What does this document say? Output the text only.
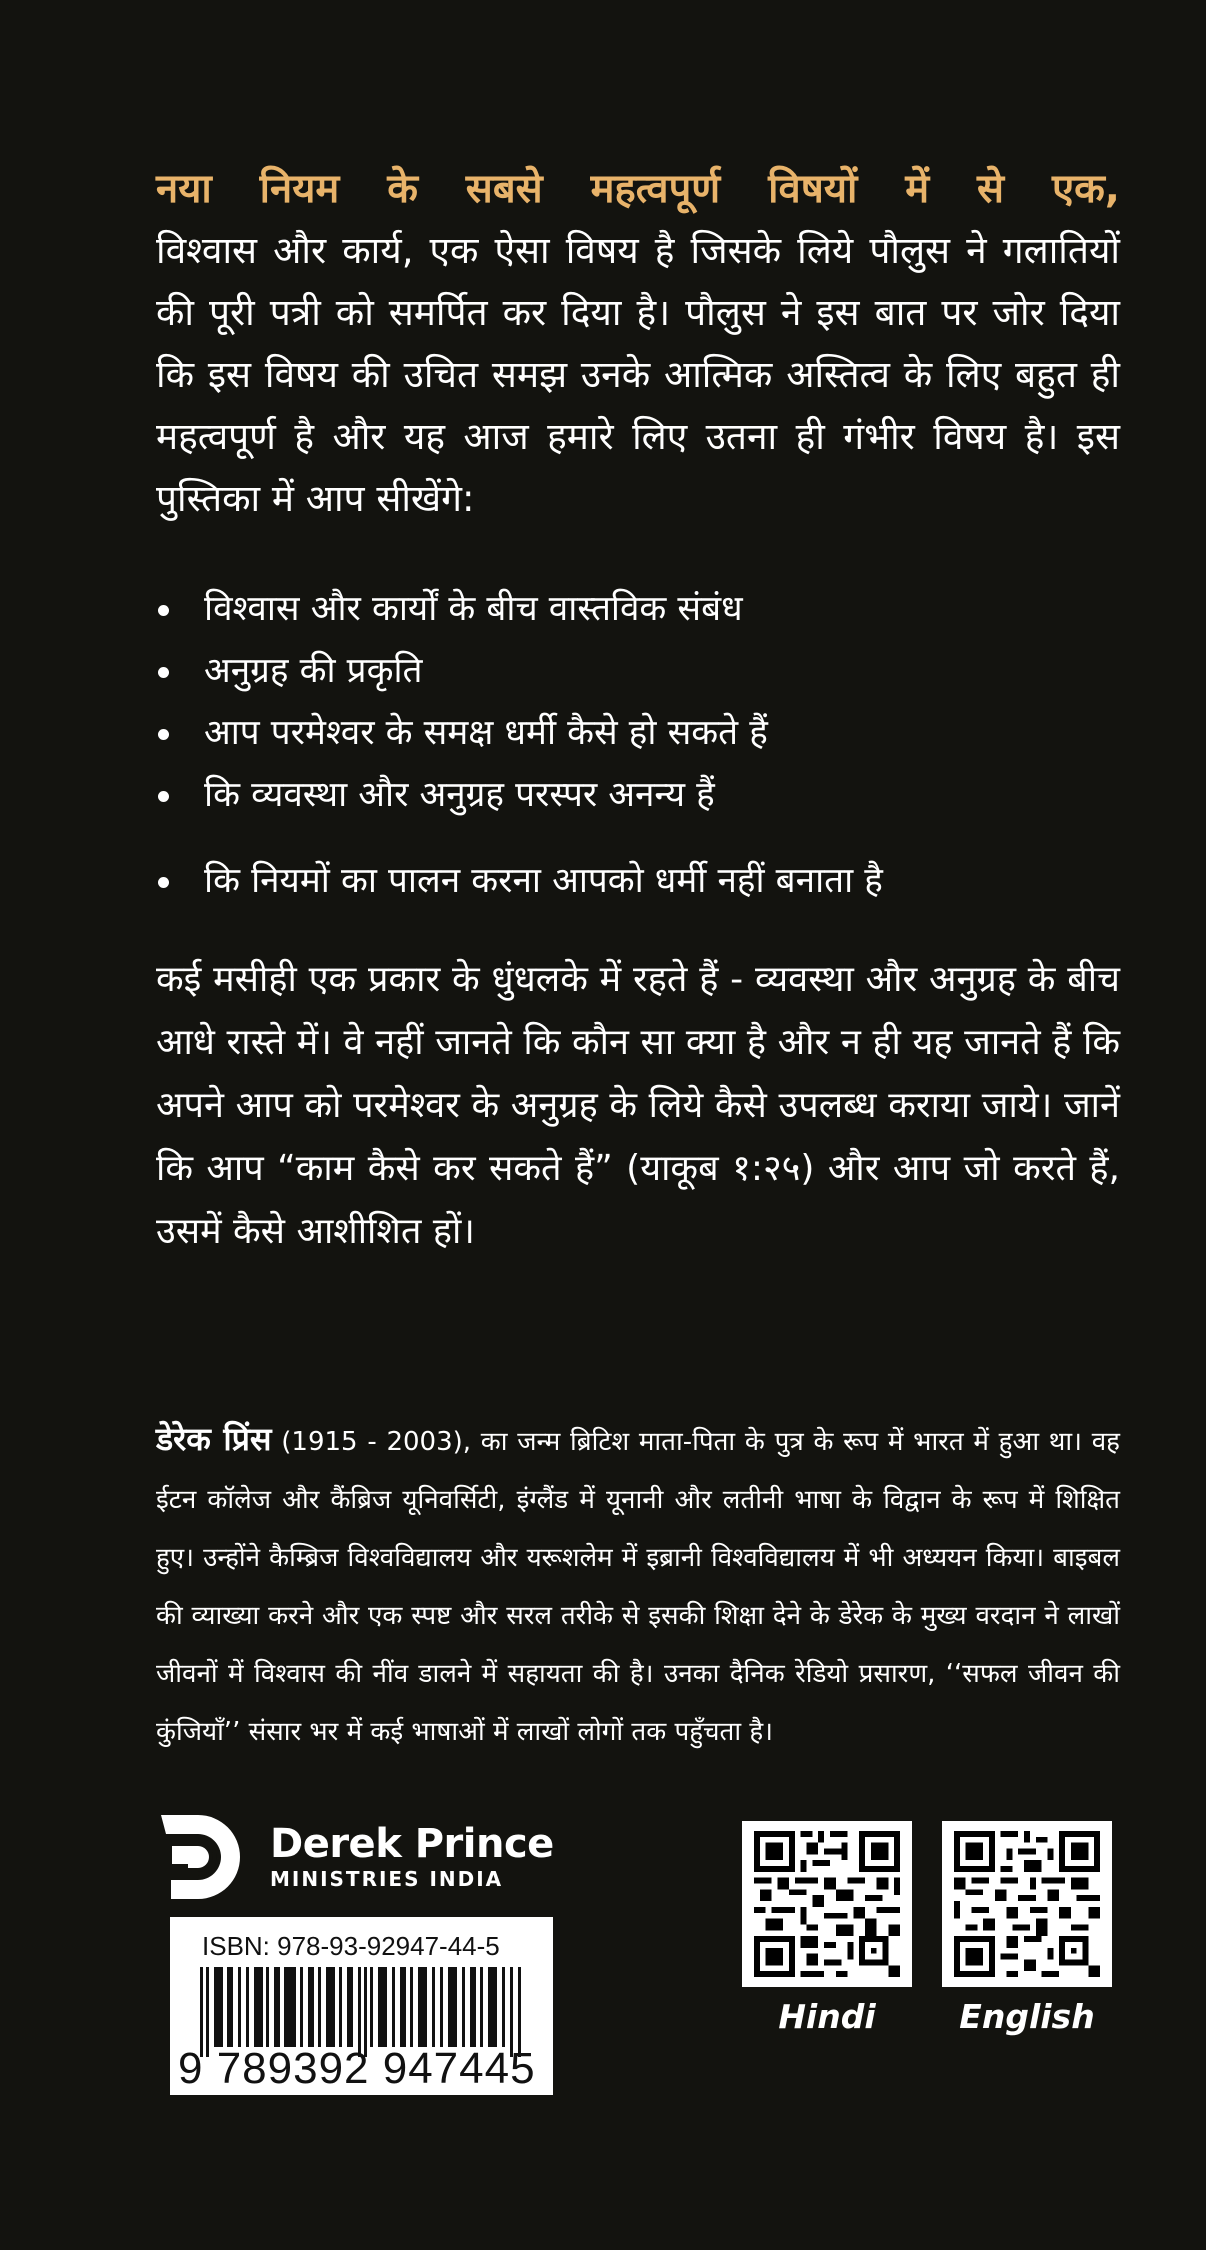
नया नियम के सबसे महत्वपूर्ण विषयों में से एक,
विश्वास और कार्य, एक ऐसा विषय है जिसके लिये पौलुस ने गलातियों की पूरी पत्री को समर्पित कर दिया है। पौलुस ने इस बात पर जोर दिया कि इस विषय की उचित समझ उनके आत्मिक अस्तित्व के लिए बहुत ही महत्वपूर्ण है और यह आज हमारे लिए उतना ही गंभीर विषय है। इस पुस्तिका में आप सीखेंगे:
विश्वास और कार्यों के बीच वास्तविक संबंध
अनुग्रह की प्रकृति
आप परमेश्वर के समक्ष धर्मी कैसे हो सकते हैं
कि व्यवस्था और अनुग्रह परस्पर अनन्य हैं
कि नियमों का पालन करना आपको धर्मी नहीं बनाता है
कई मसीही एक प्रकार के धुंधलके में रहते हैं - व्यवस्था और अनुग्रह के बीच आधे रास्ते में। वे नहीं जानते कि कौन सा क्या है और न ही यह जानते हैं कि अपने आप को परमेश्वर के अनुग्रह के लिये कैसे उपलब्ध कराया जाये। जानें कि आप “काम कैसे कर सकते हैं” (याकूब १:२५) और आप जो करते हैं, उसमें कैसे आशीशित हों।
डेरेक प्रिंस (1915 - 2003), का जन्म ब्रिटिश माता-पिता के पुत्र के रूप में भारत में हुआ था। वह ईटन कॉलेज और कैंब्रिज यूनिवर्सिटी, इंग्लैंड में यूनानी और लतीनी भाषा के विद्वान के रूप में शिक्षित हुए। उन्होंने कैम्ब्रिज विश्वविद्यालय और यरूशलेम में इब्रानी विश्वविद्यालय में भी अध्ययन किया। बाइबल की व्याख्या करने और एक स्पष्ट और सरल तरीके से इसकी शिक्षा देने के डेरेक के मुख्य वरदान ने लाखों जीवनों में विश्वास की नींव डालने में सहायता की है। उनका दैनिक रेडियो प्रसारण, ‘‘सफल जीवन की कुंजियाँ’’ संसार भर में कई भाषाओं में लाखों लोगों तक पहुँचता है।
Derek Prince
MINISTRIES INDIA
ISBN: 978-93-92947-44-5
9 789392 947445
Hindi	English
